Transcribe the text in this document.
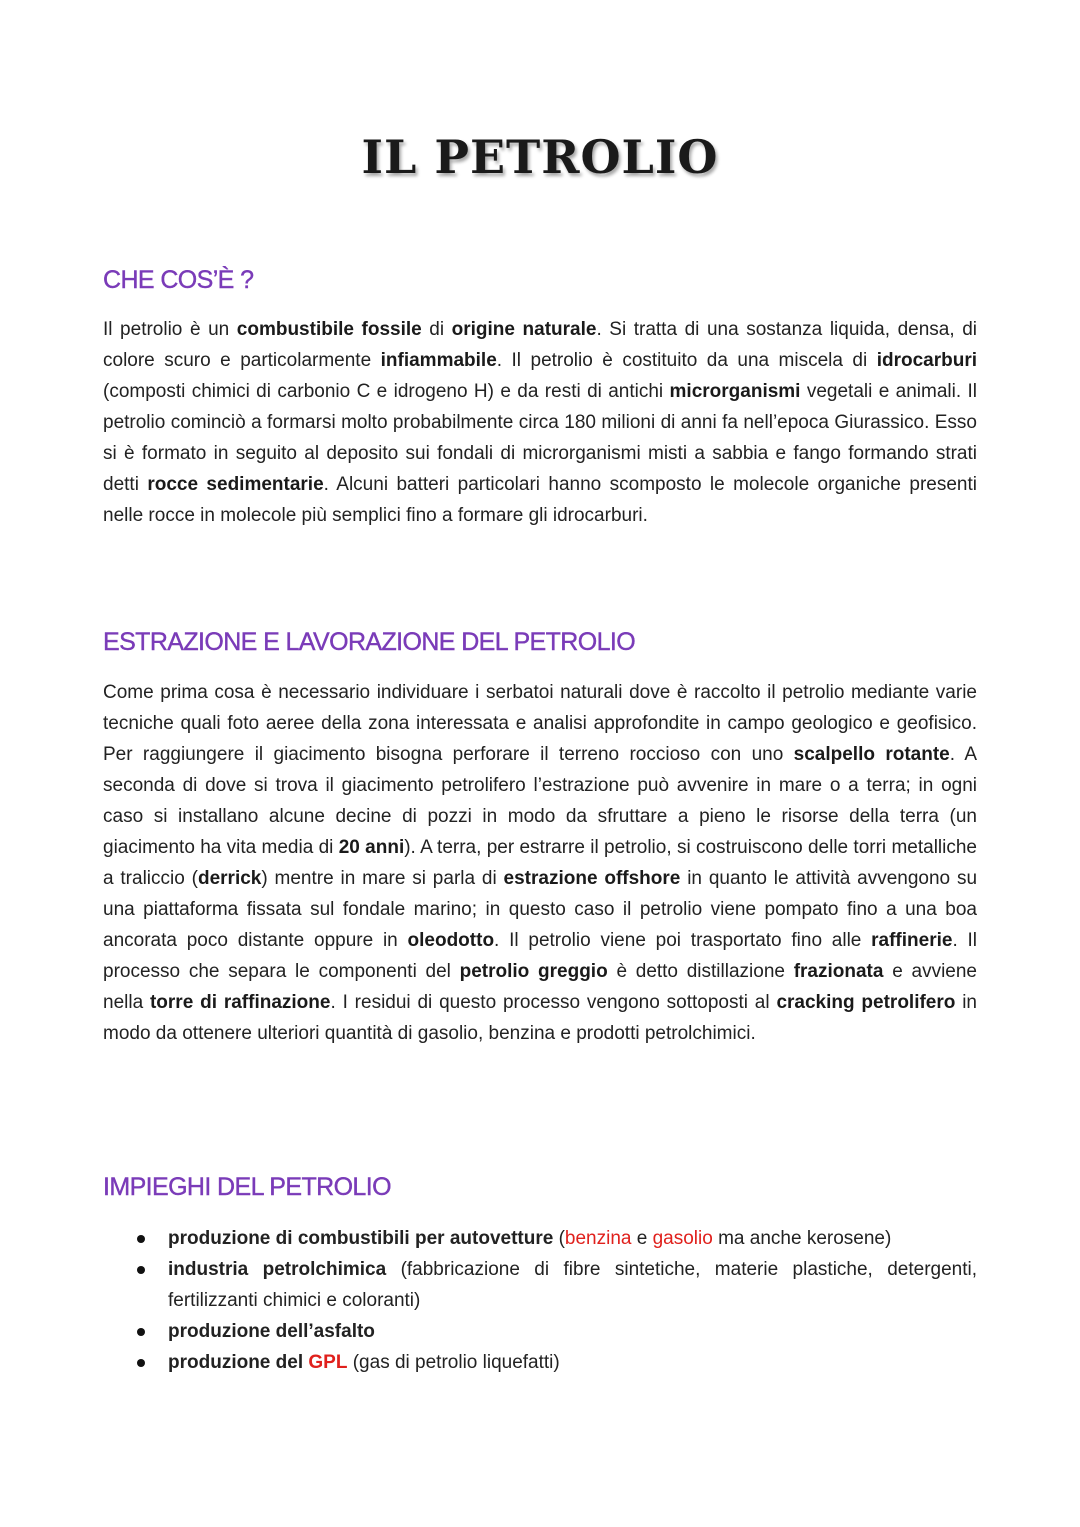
IL PETROLIO
CHE COS’È ?

Il petrolio è un combustibile fossile di origine naturale. Si tratta di una sostanza liquida, densa, di colore scuro e particolarmente infiammabile. Il petrolio è costituito da una miscela di idrocarburi (composti chimici di carbonio C e idrogeno H) e da resti di antichi microrganismi vegetali e animali. Il petrolio cominciò a formarsi molto probabilmente circa 180 milioni di anni fa nell’epoca Giurassico. Esso si è formato in seguito al deposito sui fondali di microrganismi misti a sabbia e fango formando strati detti rocce sedimentarie. Alcuni batteri particolari hanno scomposto le molecole organiche presenti nelle rocce in molecole più semplici fino a formare gli idrocarburi.

ESTRAZIONE E LAVORAZIONE DEL PETROLIO

Come prima cosa è necessario individuare i serbatoi naturali dove è raccolto il petrolio mediante varie tecniche quali foto aeree della zona interessata e analisi approfondite in campo geologico e geofisico. Per raggiungere il giacimento bisogna perforare il terreno roccioso con uno scalpello rotante. A seconda di dove si trova il giacimento petrolifero l’estrazione può avvenire in mare o a terra; in ogni caso si installano alcune decine di pozzi in modo da sfruttare a pieno le risorse della terra (un giacimento ha vita media di 20 anni). A terra, per estrarre il petrolio, si costruiscono delle torri metalliche a traliccio (derrick) mentre in mare si parla di estrazione offshore in quanto le attività avvengono su una piattaforma fissata sul fondale marino; in questo caso il petrolio viene pompato fino a una boa ancorata poco distante oppure in oleodotto. Il petrolio viene poi trasportato fino alle raffinerie. Il processo che separa le componenti del petrolio greggio è detto distillazione frazionata e avviene nella torre di raffinazione. I residui di questo processo vengono sottoposti al cracking petrolifero in modo da ottenere ulteriori quantità di gasolio, benzina e prodotti petrolchimici.

IMPIEGHI DEL PETROLIO
produzione di combustibili per autovetture (benzina e gasolio ma anche kerosene)
industria petrolchimica (fabbricazione di fibre sintetiche, materie plastiche, detergenti, fertilizzanti chimici e coloranti)
produzione dell’asfalto
produzione del GPL (gas di petrolio liquefatti)
